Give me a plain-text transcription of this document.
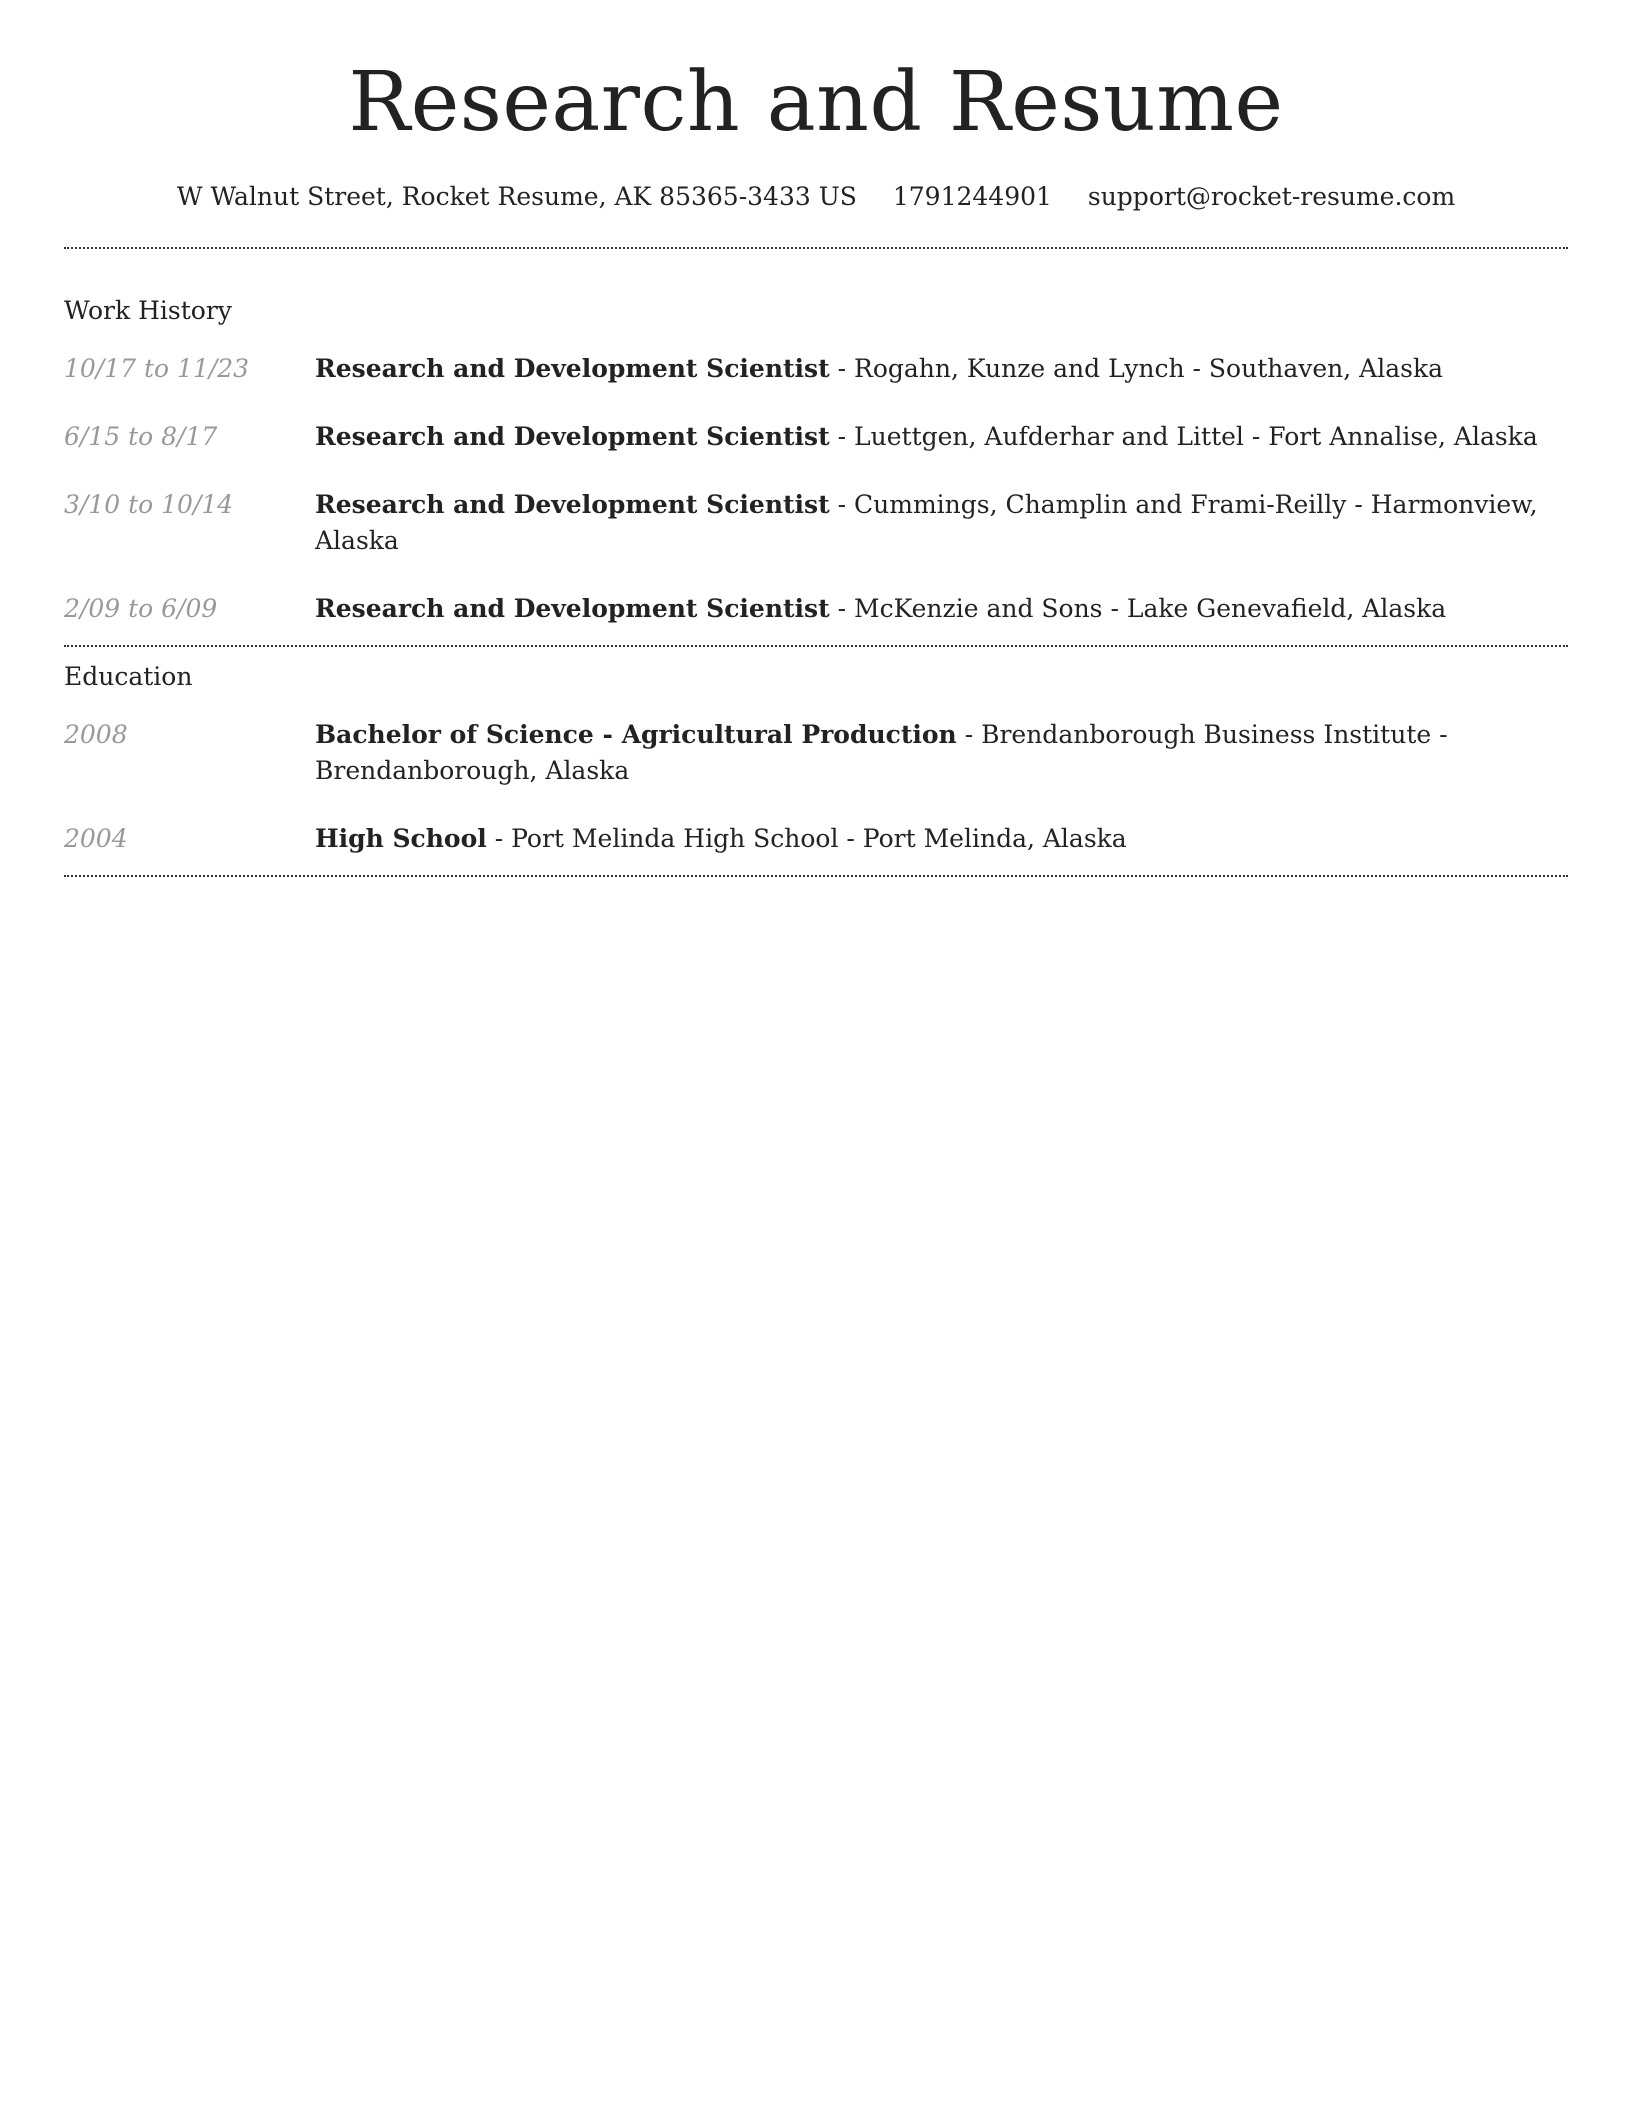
Research and Resume
W Walnut Street, Rocket Resume, AK 85365-3433 US 1791244901 support@rocket-resume.com
Work History
10/17 to 11/23	Research and Development Scientist - Rogahn, Kunze and Lynch - Southaven, Alaska
6/15 to 8/17	Research and Development Scientist - Luettgen, Aufderhar and Littel - Fort Annalise, Alaska
3/10 to 10/14	Research and Development Scientist - Cummings, Champlin and Frami-Reilly - Harmonview, Alaska
2/09 to 6/09	Research and Development Scientist - McKenzie and Sons - Lake Genevafield, Alaska
Education
2008	Bachelor of Science - Agricultural Production - Brendanborough Business Institute - Brendanborough, Alaska
2004	High School - Port Melinda High School - Port Melinda, Alaska
